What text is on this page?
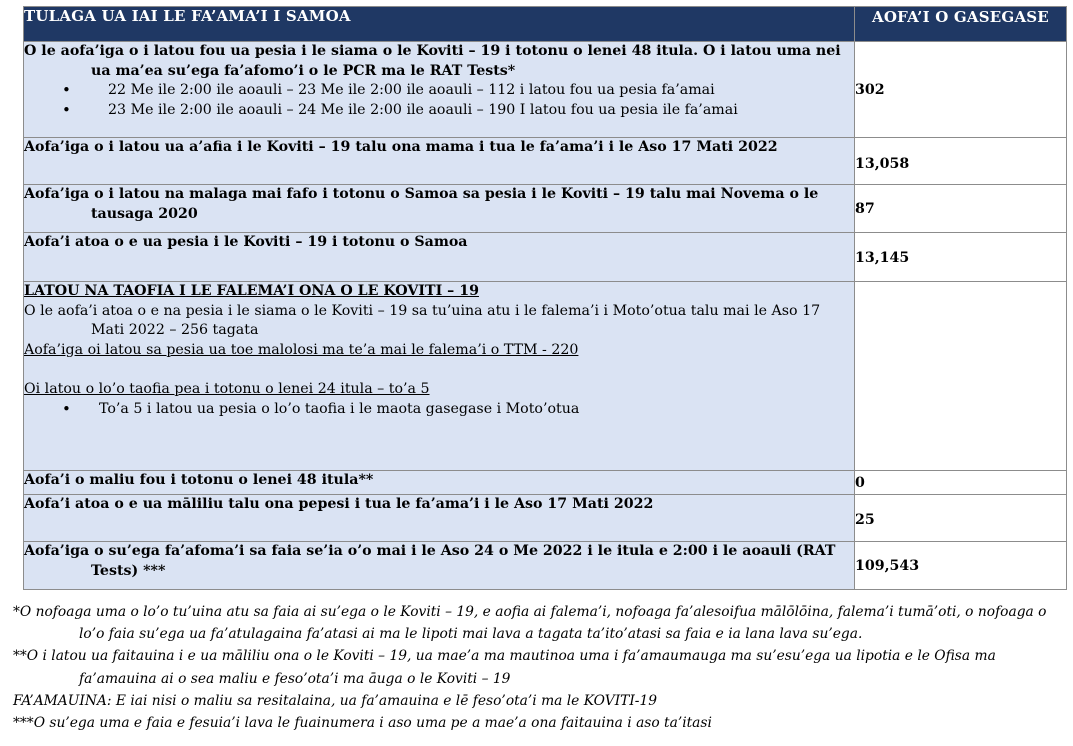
TULAGA UA IAI LE FA’AMA’I I SAMOA	AOFA’I O GASEGASE

O le aofa’iga o i latou fou ua pesia i le siama o le Koviti – 19 i totonu o lenei 48 itula. O i latou uma nei ua ma’ea su’ega fa’afomo’i o le PCR ma le RAT Tests*
• 22 Me ile 2:00 ile aoauli – 23 Me ile 2:00 ile aoauli – 112 i latou fou ua pesia fa’amai
• 23 Me ile 2:00 ile aoauli – 24 Me ile 2:00 ile aoauli – 190 I latou fou ua pesia ile fa’amai	302

Aofa’iga o i latou ua a’afia i le Koviti – 19 talu ona mama i tua le fa’ama’i i le Aso 17 Mati 2022	13,058

Aofa’iga o i latou na malaga mai fafo i totonu o Samoa sa pesia i le Koviti – 19 talu mai Novema o le tausaga 2020	87

Aofa’i atoa o e ua pesia i le Koviti – 19 i totonu o Samoa	13,145

LATOU NA TAOFIA I LE FALEMA’I ONA O LE KOVITI – 19
O le aofa’i atoa o e na pesia i le siama o le Koviti – 19 sa tu’uina atu i le falema’i i Moto’otua talu mai le Aso 17 Mati 2022 – 256 tagata
Aofa’iga oi latou sa pesia ua toe malolosi ma te’a mai le falema’i o TTM - 220
Oi latou o lo’o taofia pea i totonu o lenei 24 itula – to’a 5
• To’a 5 i latou ua pesia o lo’o taofia i le maota gasegase i Moto’otua

Aofa’i o maliu fou i totonu o lenei 48 itula**	0

Aofa’i atoa o e ua māliliu talu ona pepesi i tua le fa’ama’i i le Aso 17 Mati 2022	25

Aofa’iga o su’ega fa’afoma’i sa faia se’ia o’o mai i le Aso 24 o Me 2022 i le itula e 2:00 i le aoauli (RAT Tests) ***	109,543
*O nofoaga uma o lo’o tu’uina atu sa faia ai su’ega o le Koviti – 19, e aofia ai falema’i, nofoaga fa’alesoifua mālōlōina, falema’i tumā’oti, o nofoaga o lo’o faia su’ega ua fa’atulagaina fa’atasi ai ma le lipoti mai lava a tagata ta’ito’atasi sa faia e ia lana lava su’ega.
**O i latou ua faitauina i e ua māliliu ona o le Koviti – 19, ua mae’a ma mautinoa uma i fa’amaumauga ma su’esu’ega ua lipotia e le Ofisa ma fa’amauina ai o sea maliu e feso’ota’i ma āuga o le Koviti – 19
FA’AMAUINA: E iai nisi o maliu sa resitalaina, ua fa’amauina e lē feso’ota’i ma le KOVITI-19
***O su’ega uma e faia e fesuia’i lava le fuainumera i aso uma pe a mae’a ona faitauina i aso ta’itasi
